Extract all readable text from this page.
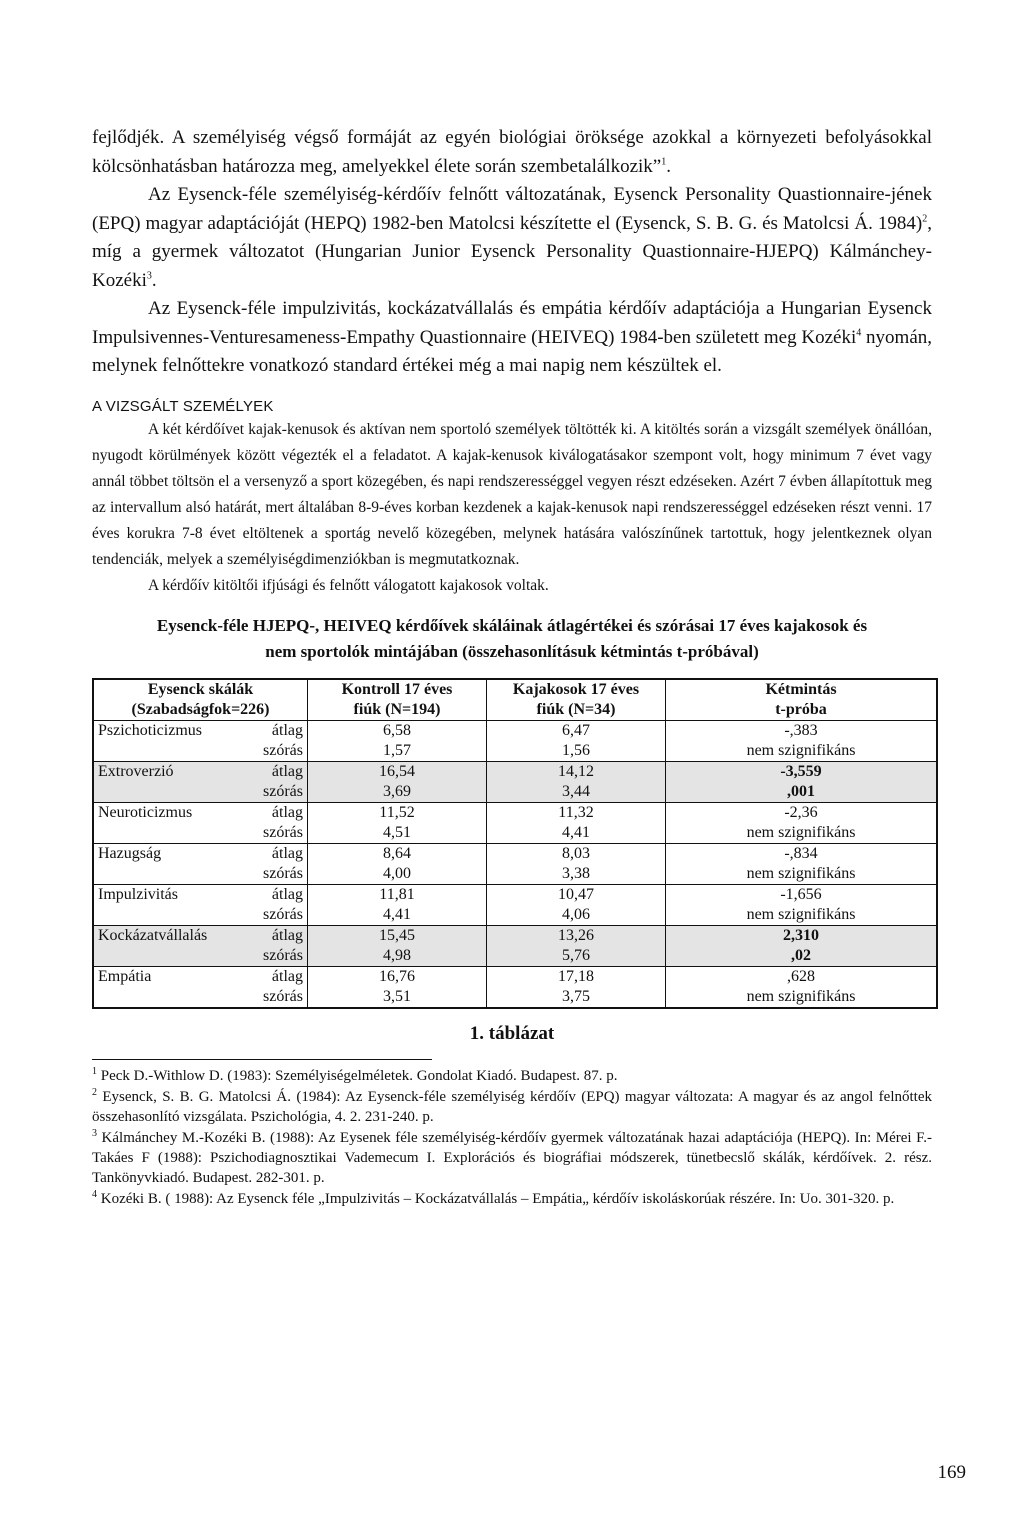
fejlődjék. A személyiség végső formáját az egyén biológiai öröksége azokkal a környezeti befolyásokkal kölcsönhatásban határozza meg, amelyekkel élete során szembetalálkozik”$^1$.

Az Eysenck-féle személyiség-kérdőív felnőtt változatának, Eysenck Personality Quastionnaire-jének (EPQ) magyar adaptációját (HEPQ) 1982-ben Matolcsi készítette el (Eysenck, S. B. G. és Matolcsi Á. 1984)$^2$, míg a gyermek változatot (Hungarian Junior Eysenck Personality Quastionnaire-HJEPQ) Kálmánchey-Kozéki$^3$.

Az Eysenck-féle impulzivitás, kockázatvállalás és empátia kérdőív adaptációja a Hungarian Eysenck Impulsivennes-Venturesameness-Empathy Quastionnaire (HEIVEQ) 1984-ben született meg Kozéki$^4$ nyomán, melynek felnőttekre vonatkozó standard értékei még a mai napig nem készültek el.

A VIZSGÁLT SZEMÉLYEK

A két kérdőívet kajak-kenusok és aktívan nem sportoló személyek töltötték ki. A kitöltés során a vizsgált személyek önállóan, nyugodt körülmények között végezték el a feladatot. A kajak-kenusok kiválogatásakor szempont volt, hogy minimum 7 évet vagy annál többet töltsön el a versenyző a sport közegében, és napi rendszerességgel vegyen részt edzéseken. Azért 7 évben állapítottuk meg az intervallum alsó határát, mert általában 8-9-éves korban kezdenek a kajak-kenusok napi rendszerességgel edzéseken részt venni. 17 éves korukra 7-8 évet eltöltenek a sportág nevelő közegében, melynek hatására valószínűnek tartottuk, hogy jelentkeznek olyan tendenciák, melyek a személyiségdimenziókban is megmutatkoznak.

A kérdőív kitöltői ifjúsági és felnőtt válogatott kajakosok voltak.

Eysenck-féle HJEPQ-, HEIVEQ kérdőívek skáláinak átlagértékei és szórásai 17 éves kajakosok és
nem sportolók mintájában (összehasonlításuk kétmintás t-próbával)
Eysenck skálák	Kontroll 17 éves	Kajakosok 17 éves	Kétmintás
(Szabadságfok=226)	fiúk (N=194)	fiúk (N=34)	t-próba

Pszichoticizmus átlag	6,58	6,47	-,383

szórás	1,57	1,56	nem szignifikáns

Extroverzió átlag	16,54	14,12	-3,559

szórás	3,69	3,44	,001

Neuroticizmus átlag	11,52	11,32	-2,36

szórás	4,51	4,41	nem szignifikáns

Hazugság átlag	8,64	8,03	-,834

szórás	4,00	3,38	nem szignifikáns

Impulzivitás átlag	11,81	10,47	-1,656

szórás	4,41	4,06	nem szignifikáns

Kockázatvállalás átlag	15,45	13,26	2,310

szórás	4,98	5,76	,02

Empátia átlag	16,76	17,18	,628

szórás	3,51	3,75	nem szignifikáns
1. táblázat

$^1$ Peck D.-Withlow D. (1983): Személyiségelméletek. Gondolat Kiadó. Budapest. 87. p.

$^2$ Eysenck, S. B. G. Matolcsi Á. (1984): Az Eysenck-féle személyiség kérdőív (EPQ) magyar változata: A magyar és az angol felnőttek összehasonlító vizsgálata. Pszichológia, 4. 2. 231-240. p.

$^3$ Kálmánchey M.-Kozéki B. (1988): Az Eysenek féle személyiség-kérdőív gyermek változatának hazai adaptációja (HEPQ). In: Mérei F.- Takáes F (1988): Pszichodiagnosztikai Vademecum I. Explorációs és biográfiai módszerek, tünetbecslő skálák, kérdőívek. 2. rész. Tankönyvkiadó. Budapest. 282-301. p.

$^4$ Kozéki B. ( 1988): Az Eysenck féle „Impulzivitás – Kockázatvállalás – Empátia„ kérdőív iskoláskorúak részére. In: Uo. 301-320. p.

169
